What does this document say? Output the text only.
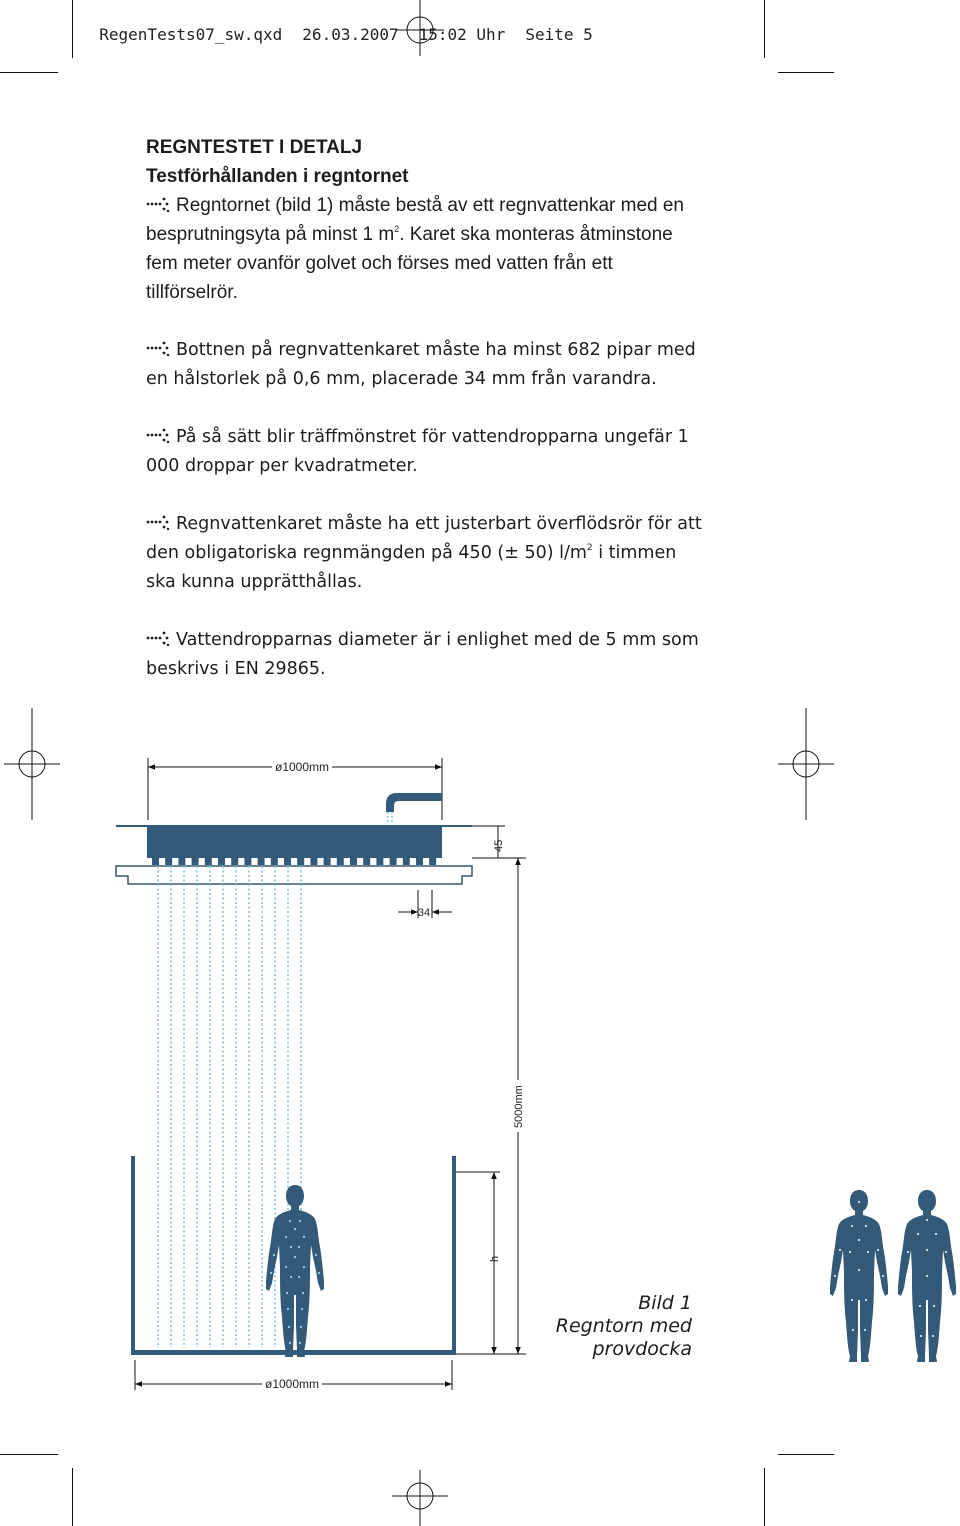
RegenTests07_sw.qxd 26.03.2007 15:02 Uhr Seite 5

REGNTESTET I DETALJ

Testförhållanden i regntornet

Regntornet (bild 1) måste bestå av ett regnvattenkar med en besprutningsyta på minst 1 $m^2$. Karet ska monteras åtminstone fem meter ovanför golvet och förses med vatten från ett tillförselrör.

Bottnen på regnvattenkaret måste ha minst 682 pipar med en hålstorlek på 0,6 mm, placerade 34 mm från varandra.

På så sätt blir träffmönstret för vattendropparna ungefär 1 000 droppar per kvadratmeter.

Regnvattenkaret måste ha ett justerbart överflödsrör för att den obligatoriska regnmängden på 450 (± 50) $l/m^2$ i timmen ska kunna upprätthållas.

Vattendropparnas diameter är i enlighet med de 5 mm som beskrivs i EN 29865.

ø1000mm
45
34
5000mm
h
ø1000mm
Bild 1
Regntorn med
provdocka
